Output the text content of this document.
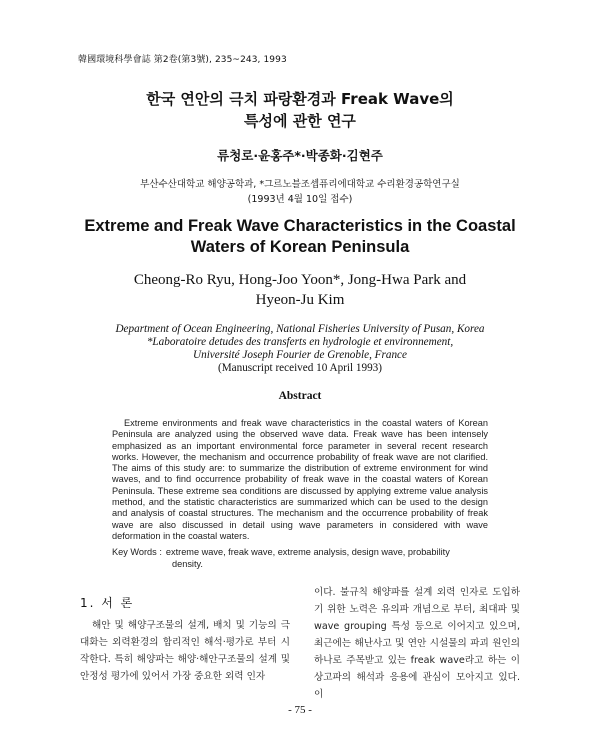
韓國環境科學會誌 第2卷(第3號), 235~243, 1993
한국 연안의 극치 파랑환경과 Freak Wave의
특성에 관한 연구
류청로·윤홍주*·박종화·김현주
부산수산대학교 해양공학과, *그르노블조셉퓨리에대학교 수리환경공학연구실
(1993년 4월 10일 접수)
Extreme and Freak Wave Characteristics in the Coastal
Waters of Korean Peninsula
Cheong-Ro Ryu, Hong-Joo Yoon*, Jong-Hwa Park and
Hyeon-Ju Kim
Department of Ocean Engineering, National Fisheries University of Pusan, Korea
*Laboratoire detudes des transferts en hydrologie et environnement,
Université Joseph Fourier de Grenoble, France
(Manuscript received 10 April 1993)
Abstract

Extreme environments and freak wave characteristics in the coastal waters of Korean Peninsula are analyzed using the observed wave data. Freak wave has been intensely emphasized as an important environmental force parameter in several recent research works. However, the mechanism and occurrence probability of freak wave are not clarified. The aims of this study are: to summarize the distribution of extreme environment for wind waves, and to find occurrence probability of freak wave in the coastal waters of Korean Peninsula. These extreme sea conditions are discussed by applying extreme value analysis method, and the statistic characteristics are summarized which can be used to the design and analysis of coastal structures. The mechanism and the occurrence probability of freak wave are also discussed in detail using wave parameters in considered with wave deformation in the coastal waters.

Key Words : extreme wave, freak wave, extreme analysis, design wave, probability
density.
1. 서 론

해안 및 해양구조물의 설계, 배치 및 기능의 극대화는 외력환경의 합리적인 해석·평가로 부터 시작한다. 특히 해양파는 해양·해안구조물의 설계 및 안정성 평가에 있어서 가장 중요한 외력 인자

이다. 불규칙 해양파를 설계 외력 인자로 도입하기 위한 노력은 유의파 개념으로 부터, 최대파 및 wave grouping 특성 등으로 이어지고 있으며, 최근에는 해난사고 및 연안 시설물의 파괴 원인의 하나로 주목받고 있는 freak wave라고 하는 이상고파의 해석과 응용에 관심이 모아지고 있다. 이

- 75 -
